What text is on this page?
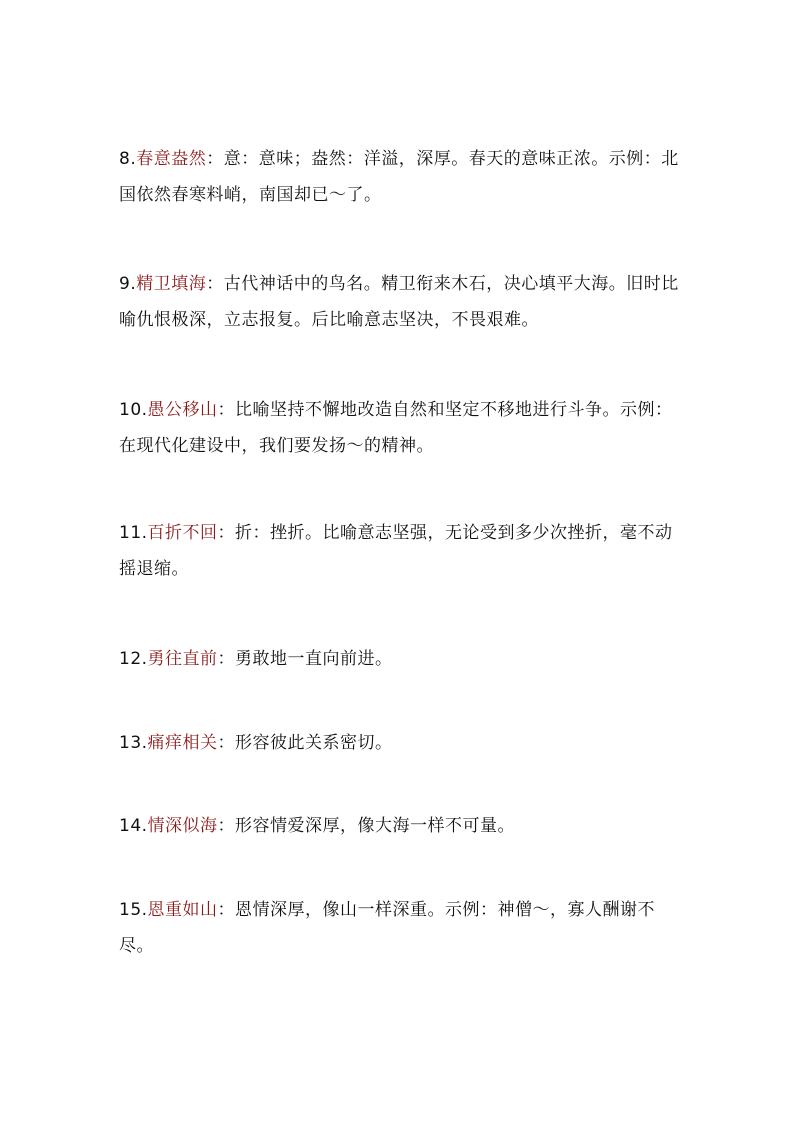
8.春意盎然：意：意味；盎然：洋溢，深厚。春天的意味正浓。示例：北国依然春寒料峭，南国却已～了。
9.精卫填海：古代神话中的鸟名。精卫衔来木石，决心填平大海。旧时比喻仇恨极深，立志报复。后比喻意志坚决，不畏艰难。
10.愚公移山：比喻坚持不懈地改造自然和坚定不移地进行斗争。示例：在现代化建设中，我们要发扬～的精神。
11.百折不回：折：挫折。比喻意志坚强，无论受到多少次挫折，毫不动摇退缩。
12.勇往直前：勇敢地一直向前进。
13.痛痒相关：形容彼此关系密切。
14.情深似海：形容情爱深厚，像大海一样不可量。
15.恩重如山：恩情深厚，像山一样深重。示例：神僧～，寡人酬谢不尽。
